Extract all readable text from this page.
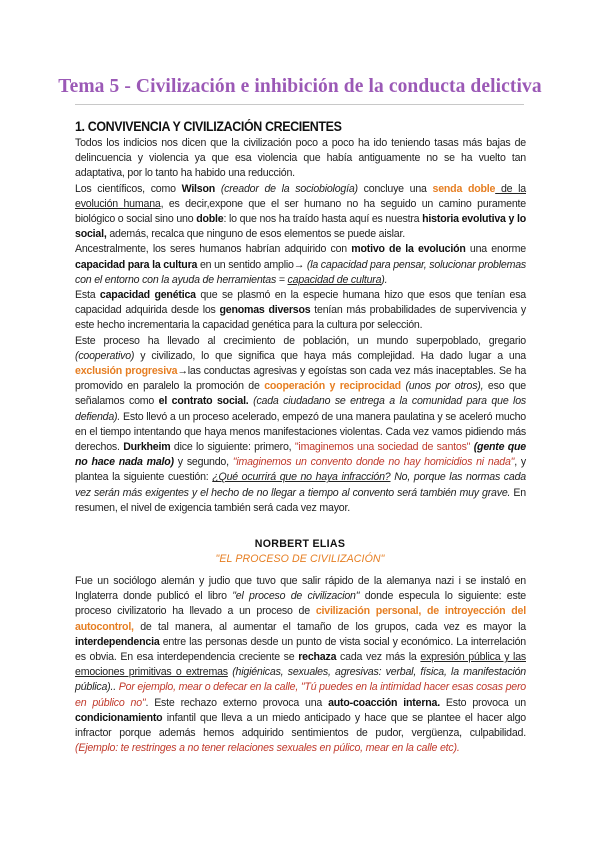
Tema 5 - Civilización e inhibición de la conducta delictiva
1. CONVIVENCIA Y CIVILIZACIÓN CRECIENTES

Todos los indicios nos dicen que la civilización poco a poco ha ido teniendo tasas más bajas de delincuencia y violencia ya que esa violencia que había antiguamente no se ha vuelto tan adaptativa, por lo tanto ha habido una reducción.

Los científicos, como Wilson (creador de la sociobiología) concluye una senda doble de la evolución humana, es decir,expone que el ser humano no ha seguido un camino puramente biológico o social sino uno doble: lo que nos ha traído hasta aquí es nuestra historia evolutiva y lo social, además, recalca que ninguno de esos elementos se puede aislar.

Ancestralmente, los seres humanos habrían adquirido con motivo de la evolución una enorme capacidad para la cultura en un sentido amplio→ (la capacidad para pensar, solucionar problemas con el entorno con la ayuda de herramientas = capacidad de cultura).

Esta capacidad genética que se plasmó en la especie humana hizo que esos que tenían esa capacidad adquirida desde los genomas diversos tenían más probabilidades de supervivencia y este hecho incrementaria la capacidad genética para la cultura por selección.

Este proceso ha llevado al crecimiento de población, un mundo superpoblado, gregario (cooperativo) y civilizado, lo que significa que haya más complejidad. Ha dado lugar a una exclusión progresiva→las conductas agresivas y egoístas son cada vez más inaceptables. Se ha promovido en paralelo la promoción de cooperación y reciprocidad (unos por otros), eso que señalamos como el contrato social. (cada ciudadano se entrega a la comunidad para que los defienda). Esto llevó a un proceso acelerado, empezó de una manera paulatina y se aceleró mucho en el tiempo intentando que haya menos manifestaciones violentas. Cada vez vamos pidiendo más derechos. Durkheim dice lo siguiente: primero, "imaginemos una sociedad de santos" (gente que no hace nada malo) y segundo, "imaginemos un convento donde no hay homicidios ni nada", y plantea la siguiente cuestión: ¿Qué ocurrirá que no haya infracción? No, porque las normas cada vez serán más exigentes y el hecho de no llegar a tiempo al convento será también muy grave. En resumen, el nivel de exigencia también será cada vez mayor.

NORBERT ELIAS
"EL PROCESO DE CIVILIZACIÓN"

Fue un sociólogo alemán y judio que tuvo que salir rápido de la alemanya nazi i se instaló en Inglaterra donde publicó el libro "el proceso de civilizacion" donde especula lo siguiente: este proceso civilizatorio ha llevado a un proceso de civilización personal, de introyección del autocontrol, de tal manera, al aumentar el tamaño de los grupos, cada vez es mayor la interdependencia entre las personas desde un punto de vista social y económico. La interrelación es obvia. En esa interdependencia creciente se rechaza cada vez más la expresión pública y las emociones primitivas o extremas (higiénicas, sexuales, agresivas: verbal, física, la manifestación pública).. Por ejemplo, mear o defecar en la calle, "Tú puedes en la intimidad hacer esas cosas pero en público no". Este rechazo externo provoca una auto-coacción interna. Esto provoca un condicionamiento infantil que lleva a un miedo anticipado y hace que se plantee el hacer algo infractor porque además hemos adquirido sentimientos de pudor, vergüenza, culpabilidad. (Ejemplo: te restringes a no tener relaciones sexuales en púlico, mear en la calle etc).
